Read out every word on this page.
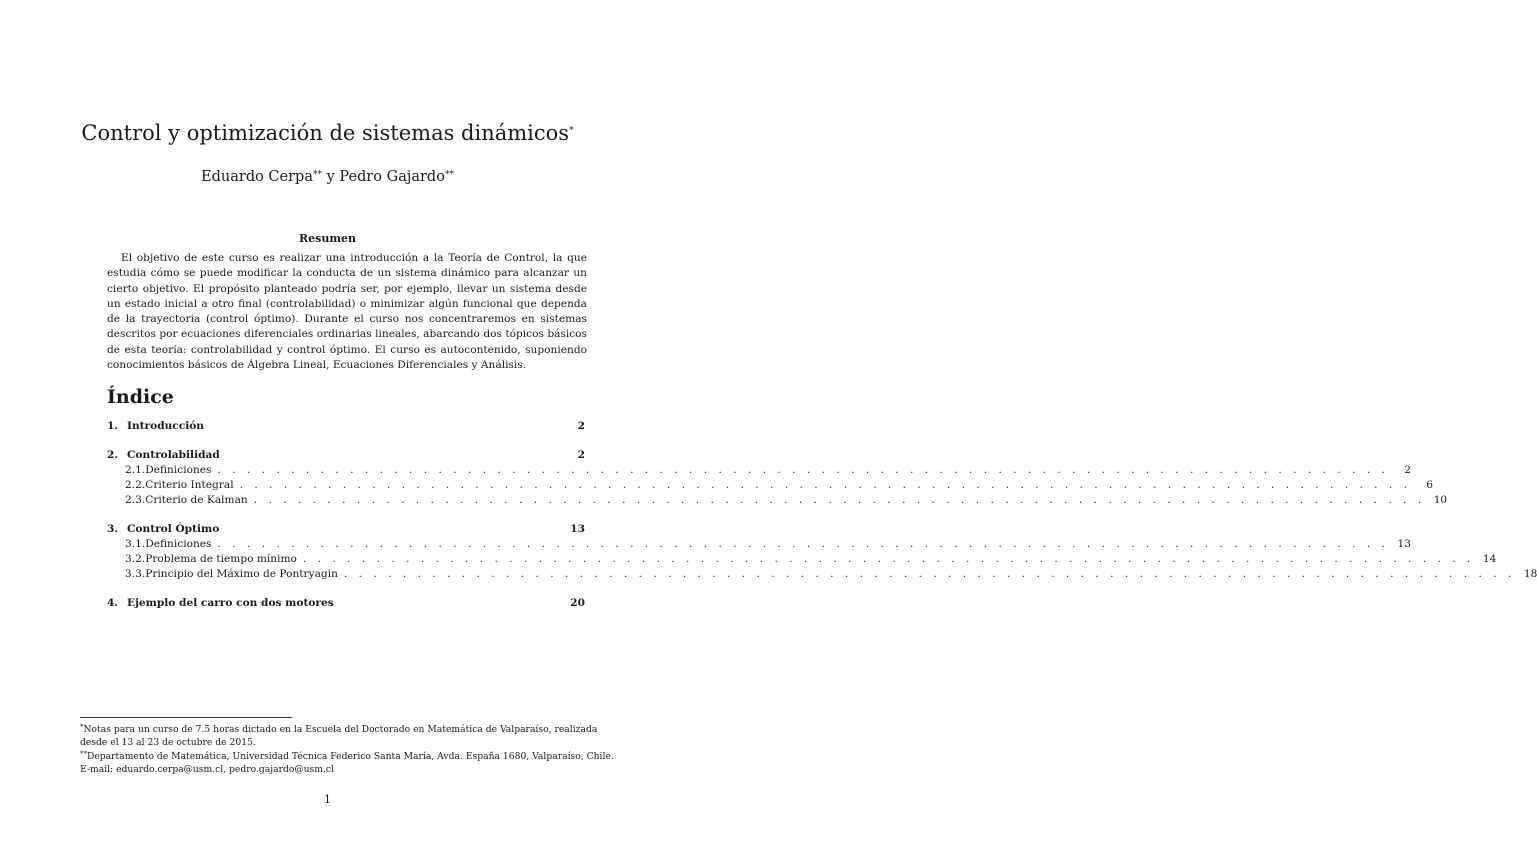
Control y optimización de sistemas dinámicos*
Eduardo Cerpa** y Pedro Gajardo**
Resumen
El objetivo de este curso es realizar una introducción a la Teoría de Control, la que estudia cómo se puede modificar la conducta de un sistema dinámico para alcanzar un cierto objetivo. El propósito planteado podría ser, por ejemplo, llevar un sistema desde un estado inicial a otro final (controlabilidad) o minimizar algún funcional que dependa de la trayectoria (control óptimo). Durante el curso nos concentraremos en sistemas descritos por ecuaciones diferenciales ordinarias lineales, abarcando dos tópicos básicos de esta teoría: controlabilidad y control óptimo. El curso es autocontenido, suponiendo conocimientos básicos de Álgebra Lineal, Ecuaciones Diferenciales y Análisis.
Índice
1. Introducción	2
2. Controlabilidad	2
2.1. Definiciones . . . . . . . . . . . . . . . . . . . . . . . . . . . . . . . . . . . . . . . . . . . . . . . . . . . . . . . . . . . . . . . . . . . . . . . . . . . . . . . .	2
2.2. Criterio Integral . . . . . . . . . . . . . . . . . . . . . . . . . . . . . . . . . . . . . . . . . . . . . . . . . . . . . . . . . . . . . . . . . . . . . . . . . . . . . . . .	6
2.3. Criterio de Kalman . . . . . . . . . . . . . . . . . . . . . . . . . . . . . . . . . . . . . . . . . . . . . . . . . . . . . . . . . . . . . . . . . . . . . . . . . . . . . . . . 10
3. Control Óptimo	13
3.1. Definiciones . . . . . . . . . . . . . . . . . . . . . . . . . . . . . . . . . . . . . . . . . . . . . . . . . . . . . . . . . . . . . . . . . . . . . . . . . . . . . . . . 13
3.2. Problema de tiempo mínimo . . . . . . . . . . . . . . . . . . . . . . . . . . . . . . . . . . . . . . . . . . . . . . . . . . . . . . . . . . . . . . . . . . . . . . . . . . . . . . . . 14
3.3. Principio del Máximo de Pontryagin . . . . . . . . . . . . . . . . . . . . . . . . . . . . . . . . . . . . . . . . . . . . . . . . . . . . . . . . . . . . . . . . . . . . . . . . . . . . . . . . 18
4. Ejemplo del carro con dos motores	20
*Notas para un curso de 7.5 horas dictado en la Escuela del Doctorado en Matemática de Valparaíso, realizada desde el 13 al 23 de octubre de 2015.
**Departamento de Matemática, Universidad Técnica Federico Santa María, Avda. España 1680, Valparaíso, Chile. E-mail: eduardo.cerpa@usm.cl, pedro.gajardo@usm.cl
1
